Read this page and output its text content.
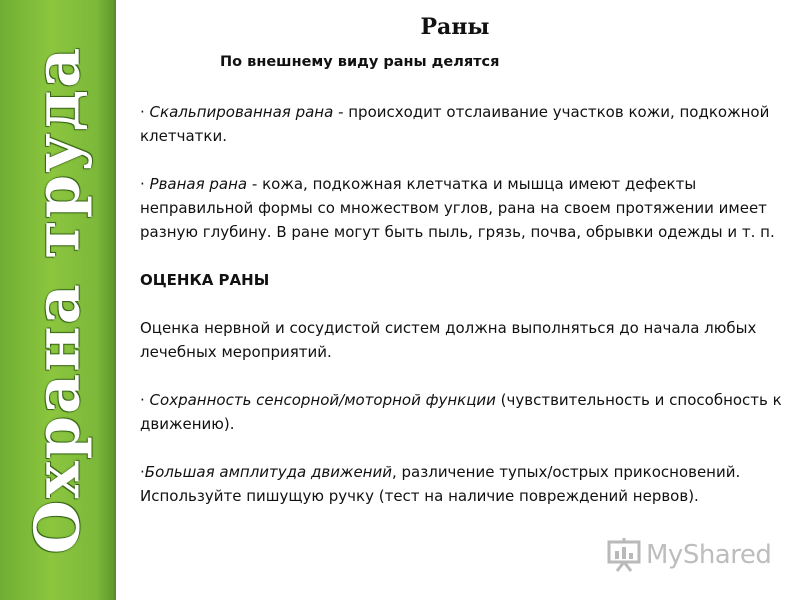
Охрана труда
Раны
По внешнему виду раны делятся

· Скальпированная рана - происходит отслаивание участков кожи, подкожной клетчатки.

· Рваная рана - кожа, подкожная клетчатка и мышца имеют дефекты неправильной формы со множеством углов, рана на своем протяжении имеет разную глубину. В ране могут быть пыль, грязь, почва, обрывки одежды и т. п.

ОЦЕНКА РАНЫ

Оценка нервной и сосудистой систем должна выполняться до начала любых лечебных мероприятий.

· Сохранность сенсорной/моторной функции (чувствительность и способность к движению).

·Большая амплитуда движений, различение тупых/острых прикосновений. Используйте пишущую ручку (тест на наличие повреждений нервов).

MyShared
